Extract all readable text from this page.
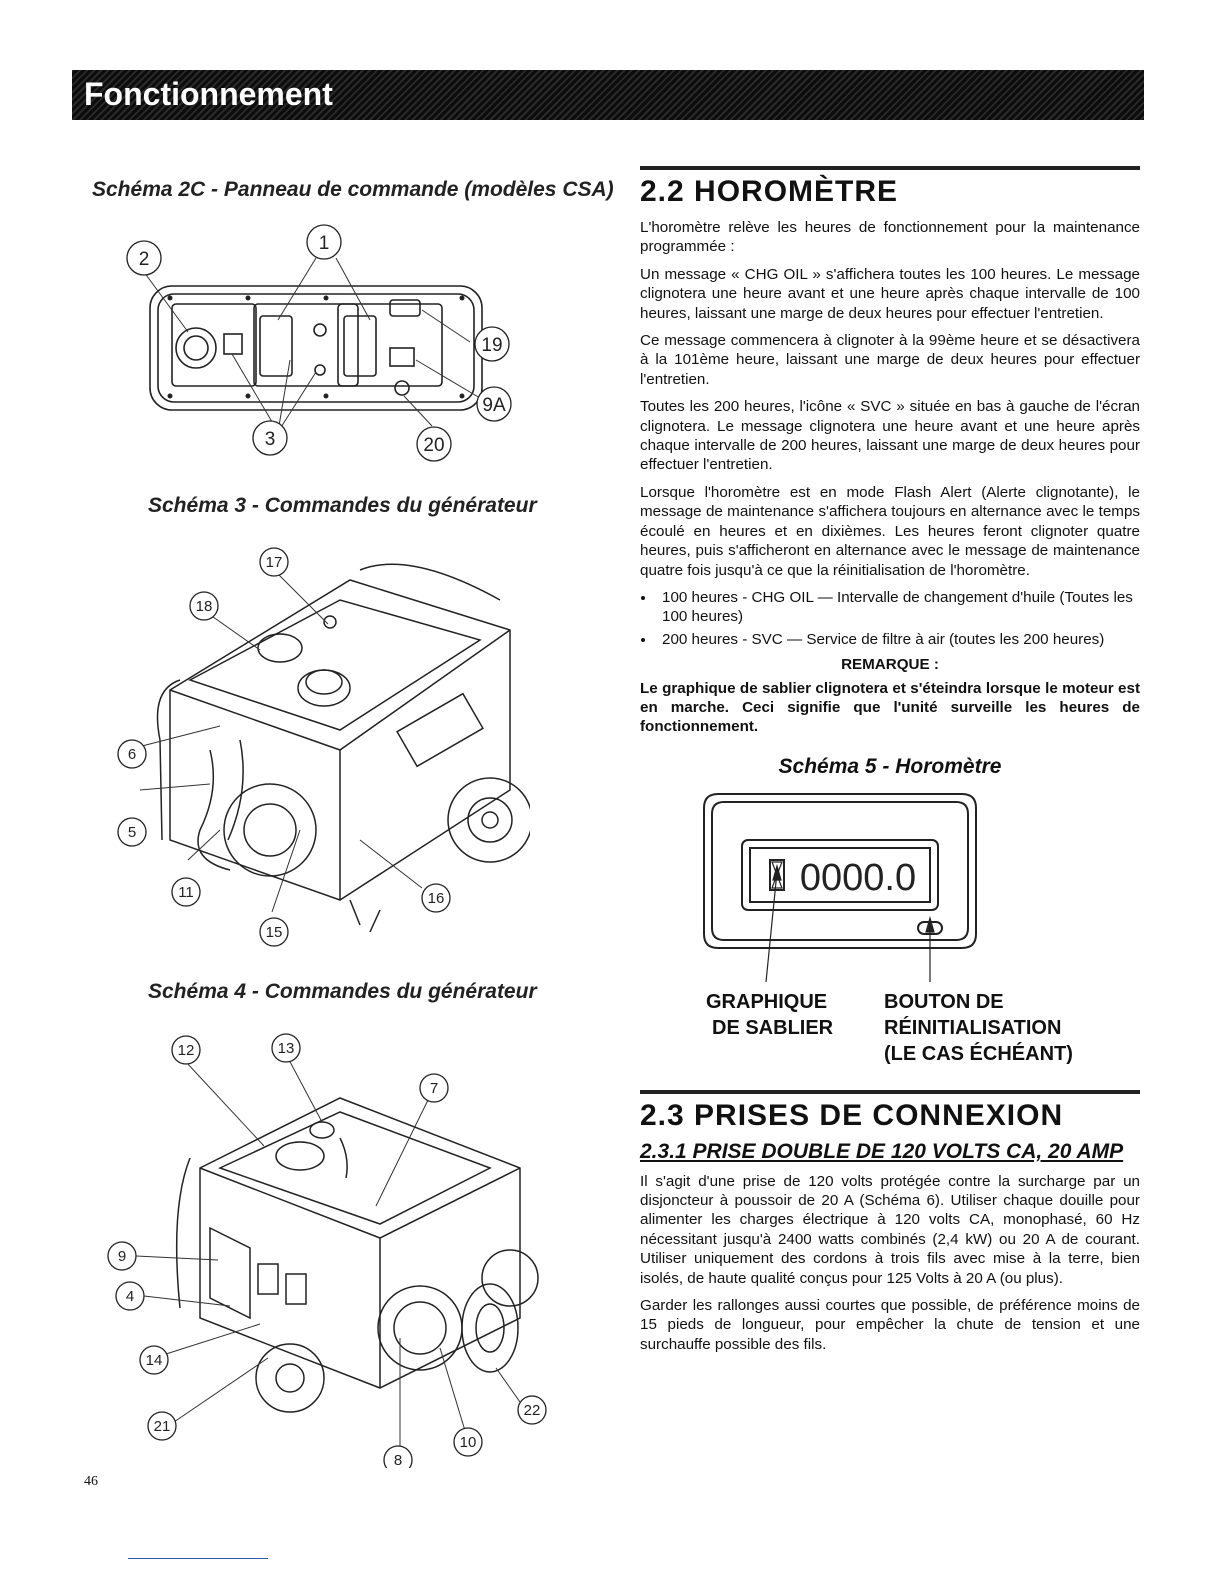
Fonctionnement
Schéma 2C - Panneau de commande (modèles CSA)
2
1
19
9A
3	20
Schéma 3 - Commandes du générateur
17
18
6
5
11
15
16
Schéma 4 - Commandes du générateur
12	13
7
9
4
14
21
8
10
22
2.2 HOROMÈTRE

L'horomètre relève les heures de fonctionnement pour la maintenance programmée :

Un message « CHG OIL » s'affichera toutes les 100 heures. Le message clignotera une heure avant et une heure après chaque intervalle de 100 heures, laissant une marge de deux heures pour effectuer l'entretien.

Ce message commencera à clignoter à la 99ème heure et se désactivera à la 101ème heure, laissant une marge de deux heures pour effectuer l'entretien.

Toutes les 200 heures, l'icône « SVC » située en bas à gauche de l'écran clignotera. Le message clignotera une heure avant et une heure après chaque intervalle de 200 heures, laissant une marge de deux heures pour effectuer l'entretien.

Lorsque l'horomètre est en mode Flash Alert (Alerte clignotante), le message de maintenance s'affichera toujours en alternance avec le temps écoulé en heures et en dixièmes. Les heures feront clignoter quatre heures, puis s'afficheront en alternance avec le message de maintenance quatre fois jusqu'à ce que la réinitialisation de l'horomètre.

• 100 heures - CHG OIL — Intervalle de changement d'huile (Toutes les 100 heures)
• 200 heures - SVC — Service de filtre à air (toutes les 200 heures)
REMARQUE :

Le graphique de sablier clignotera et s'éteindra lorsque le moteur est en marche. Ceci signifie que l'unité surveille les heures de fonctionnement.

Schéma 5 - Horomètre
0000.0
GRAPHIQUE
DE SABLIER
BOUTON DE
RÉINITIALISATION
(LE CAS ÉCHÉANT)
2.3 PRISES DE CONNEXION
2.3.1 PRISE DOUBLE DE 120 VOLTS CA, 20 AMP

Il s'agit d'une prise de 120 volts protégée contre la surcharge par un disjoncteur à poussoir de 20 A (Schéma 6). Utiliser chaque douille pour alimenter les charges électrique à 120 volts CA, monophasé, 60 Hz nécessitant jusqu'à 2400 watts combinés (2,4 kW) ou 20 A de courant. Utiliser uniquement des cordons à trois fils avec mise à la terre, bien isolés, de haute qualité conçus pour 125 Volts à 20 A (ou plus).

Garder les rallonges aussi courtes que possible, de préférence moins de 15 pieds de longueur, pour empêcher la chute de tension et une surchauffe possible des fils.

46
